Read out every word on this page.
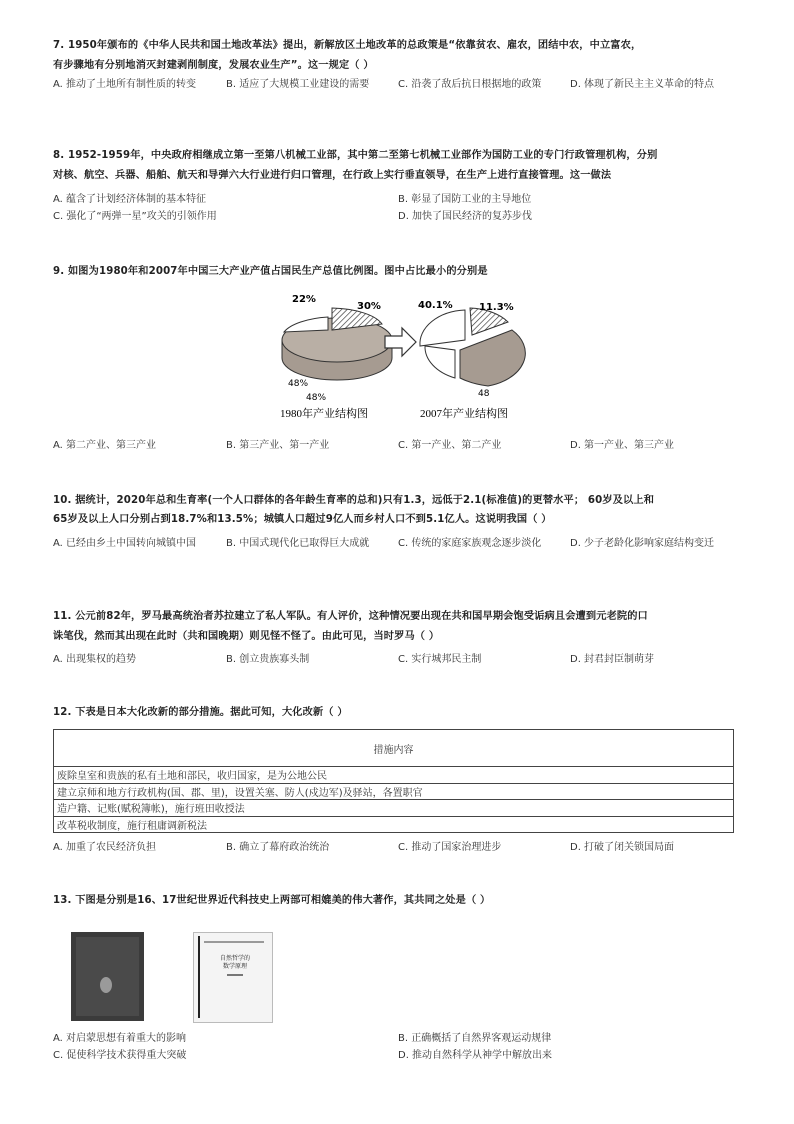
7. 1950年颁布的《中华人民共和国土地改革法》提出，新解放区土地改革的总政策是“依靠贫农、雇农，团结中农，中立富农，
有步骤地有分别地消灭封建剥削制度，发展农业生产”。这一规定（ ）
A. 推动了土地所有制性质的转变	B. 适应了大规模工业建设的需要	C. 沿袭了敌后抗日根据地的政策	D. 体现了新民主主义革命的特点
8. 1952-1959年，中央政府相继成立第一至第八机械工业部，其中第二至第七机械工业部作为国防工业的专门行政管理机构，分别
对核、航空、兵器、船舶、航天和导弹六大行业进行归口管理，在行政上实行垂直领导，在生产上进行直接管理。这一做法
A. 蕴含了计划经济体制的基本特征	B. 彰显了国防工业的主导地位
C. 强化了“两弹一星”攻关的引领作用	D. 加快了国民经济的复苏步伐
9. 如图为1980年和2007年中国三大产业产值占国民生产总值比例图。图中占比最小的分别是
22%
30%
48%
48%
1980年产业结构图
40.1%	11.3%
48
2007年产业结构图
A. 第二产业、第三产业	B. 第三产业、第一产业	C. 第一产业、第二产业	D. 第一产业、第三产业
10. 据统计，2020年总和生育率(一个人口群体的各年龄生育率的总和)只有1.3，远低于2.1(标准值)的更替水平； 60岁及以上和
65岁及以上人口分别占到18.7%和13.5%；城镇人口超过9亿人而乡村人口不到5.1亿人。这说明我国（ ）
A. 已经由乡土中国转向城镇中国	B. 中国式现代化已取得巨大成就	C. 传统的家庭家族观念逐步淡化	D. 少子老龄化影响家庭结构变迁
11. 公元前82年，罗马最高统治者苏拉建立了私人军队。有人评价，这种情况要出现在共和国早期会饱受诟病且会遭到元老院的口
诛笔伐，然而其出现在此时（共和国晚期）则见怪不怪了。由此可见，当时罗马（ ）
A. 出现集权的趋势	B. 创立贵族寡头制	C. 实行城邦民主制	D. 封君封臣制萌芽
12. 下表是日本大化改新的部分措施。据此可知，大化改新（ ）
措施内容
废除皇室和贵族的私有土地和部民，收归国家，是为公地公民
建立京师和地方行政机构(国、郡、里)，设置关塞、防人(戍边军)及驿站，各置职官
造户籍、记账(赋税簿帐)，施行班田收授法
改革税收制度，施行租庸调新税法
A. 加重了农民经济负担	B. 确立了幕府政治统治	C. 推动了国家治理进步	D. 打破了闭关锁国局面
13. 下图是分别是16、17世纪世界近代科技史上两部可相媲美的伟大著作，其共同之处是（ ）
自然哲学的
数学原理
A. 对启蒙思想有着重大的影响	B. 正确概括了自然界客观运动规律
C. 促使科学技术获得重大突破	D. 推动自然科学从神学中解放出来
